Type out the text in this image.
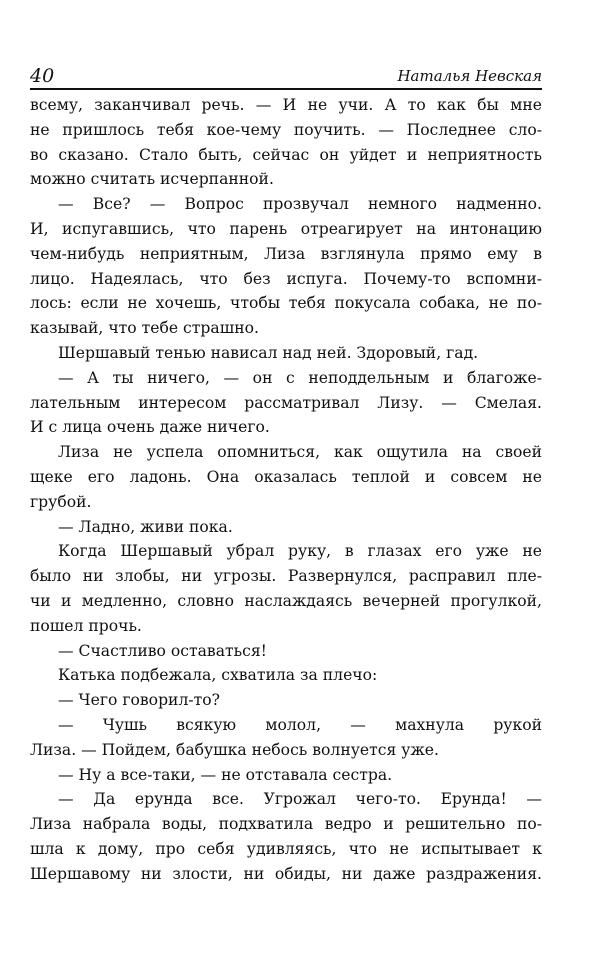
40	Наталья Невская
всему, заканчивал речь. — И не учи. А то как бы мне
не пришлось тебя кое-чему поучить. — Последнее сло-
во сказано. Стало быть, сейчас он уйдет и неприятность
можно считать исчерпанной.
— Все? — Вопрос прозвучал немного надменно.
И, испугавшись, что парень отреагирует на интонацию
чем-нибудь неприятным, Лиза взглянула прямо ему в
лицо. Надеялась, что без испуга. Почему-то вспомни-
лось: если не хочешь, чтобы тебя покусала собака, не по-
казывай, что тебе страшно.
Шершавый тенью нависал над ней. Здоровый, гад.
— А ты ничего, — он с неподдельным и благоже-
лательным интересом рассматривал Лизу. — Смелая.
И с лица очень даже ничего.
Лиза не успела опомниться, как ощутила на своей
щеке его ладонь. Она оказалась теплой и совсем не
грубой.
— Ладно, живи пока.
Когда Шершавый убрал руку, в глазах его уже не
было ни злобы, ни угрозы. Развернулся, расправил пле-
чи и медленно, словно наслаждаясь вечерней прогулкой,
пошел прочь.
— Счастливо оставаться!
Катька подбежала, схватила за плечо:
— Чего говорил-то?
— Чушь всякую молол, — махнула рукой
Лиза. — Пойдем, бабушка небось волнуется уже.
— Ну а все-таки, — не отставала сестра.
— Да ерунда все. Угрожал чего-то. Ерунда! —
Лиза набрала воды, подхватила ведро и решительно по-
шла к дому, про себя удивляясь, что не испытывает к
Шершавому ни злости, ни обиды, ни даже раздражения.
